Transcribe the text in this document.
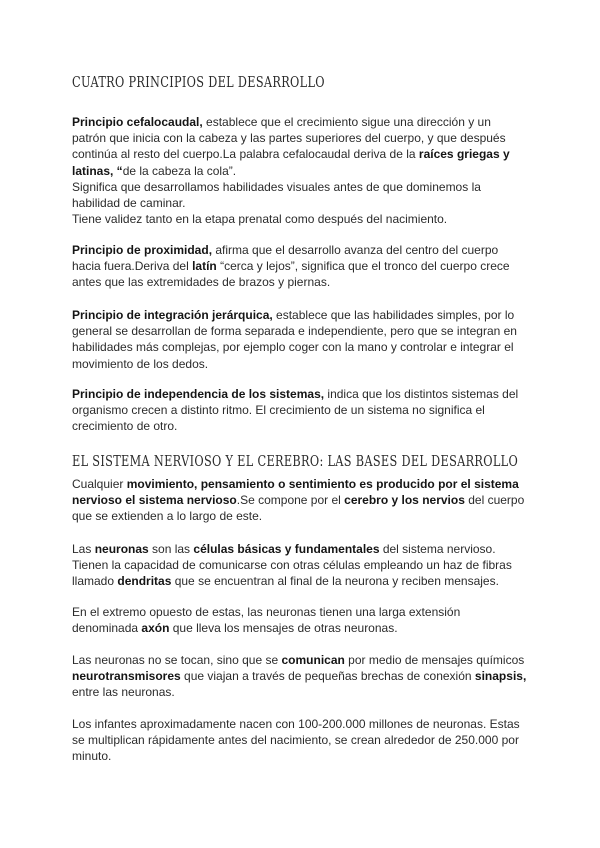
CUATRO PRINCIPIOS DEL DESARROLLO

Principio cefalocaudal, establece que el crecimiento sigue una dirección y un patrón que inicia con la cabeza y las partes superiores del cuerpo, y que después continúa al resto del cuerpo.La palabra cefalocaudal deriva de la raíces griegas y latinas, “de la cabeza la cola”.
Significa que desarrollamos habilidades visuales antes de que dominemos la habilidad de caminar.
Tiene validez tanto en la etapa prenatal como después del nacimiento.

Principio de proximidad, afirma que el desarrollo avanza del centro del cuerpo hacia fuera.Deriva del latín “cerca y lejos”, significa que el tronco del cuerpo crece antes que las extremidades de brazos y piernas.

Principio de integración jerárquica, establece que las habilidades simples, por lo general se desarrollan de forma separada e independiente, pero que se integran en habilidades más complejas, por ejemplo coger con la mano y controlar e integrar el movimiento de los dedos.

Principio de independencia de los sistemas, indica que los distintos sistemas del organismo crecen a distinto ritmo. El crecimiento de un sistema no significa el crecimiento de otro.

EL SISTEMA NERVIOSO Y EL CEREBRO: LAS BASES DEL DESARROLLO

Cualquier movimiento, pensamiento o sentimiento es producido por el sistema nervioso el sistema nervioso.Se compone por el cerebro y los nervios del cuerpo que se extienden a lo largo de este.

Las neuronas son las células básicas y fundamentales del sistema nervioso. Tienen la capacidad de comunicarse con otras células empleando un haz de fibras llamado dendritas que se encuentran al final de la neurona y reciben mensajes.

En el extremo opuesto de estas, las neuronas tienen una larga extensión denominada axón que lleva los mensajes de otras neuronas.

Las neuronas no se tocan, sino que se comunican por medio de mensajes químicos neurotransmisores que viajan a través de pequeñas brechas de conexión sinapsis, entre las neuronas.

Los infantes aproximadamente nacen con 100-200.000 millones de neuronas. Estas se multiplican rápidamente antes del nacimiento, se crean alrededor de 250.000 por minuto.
